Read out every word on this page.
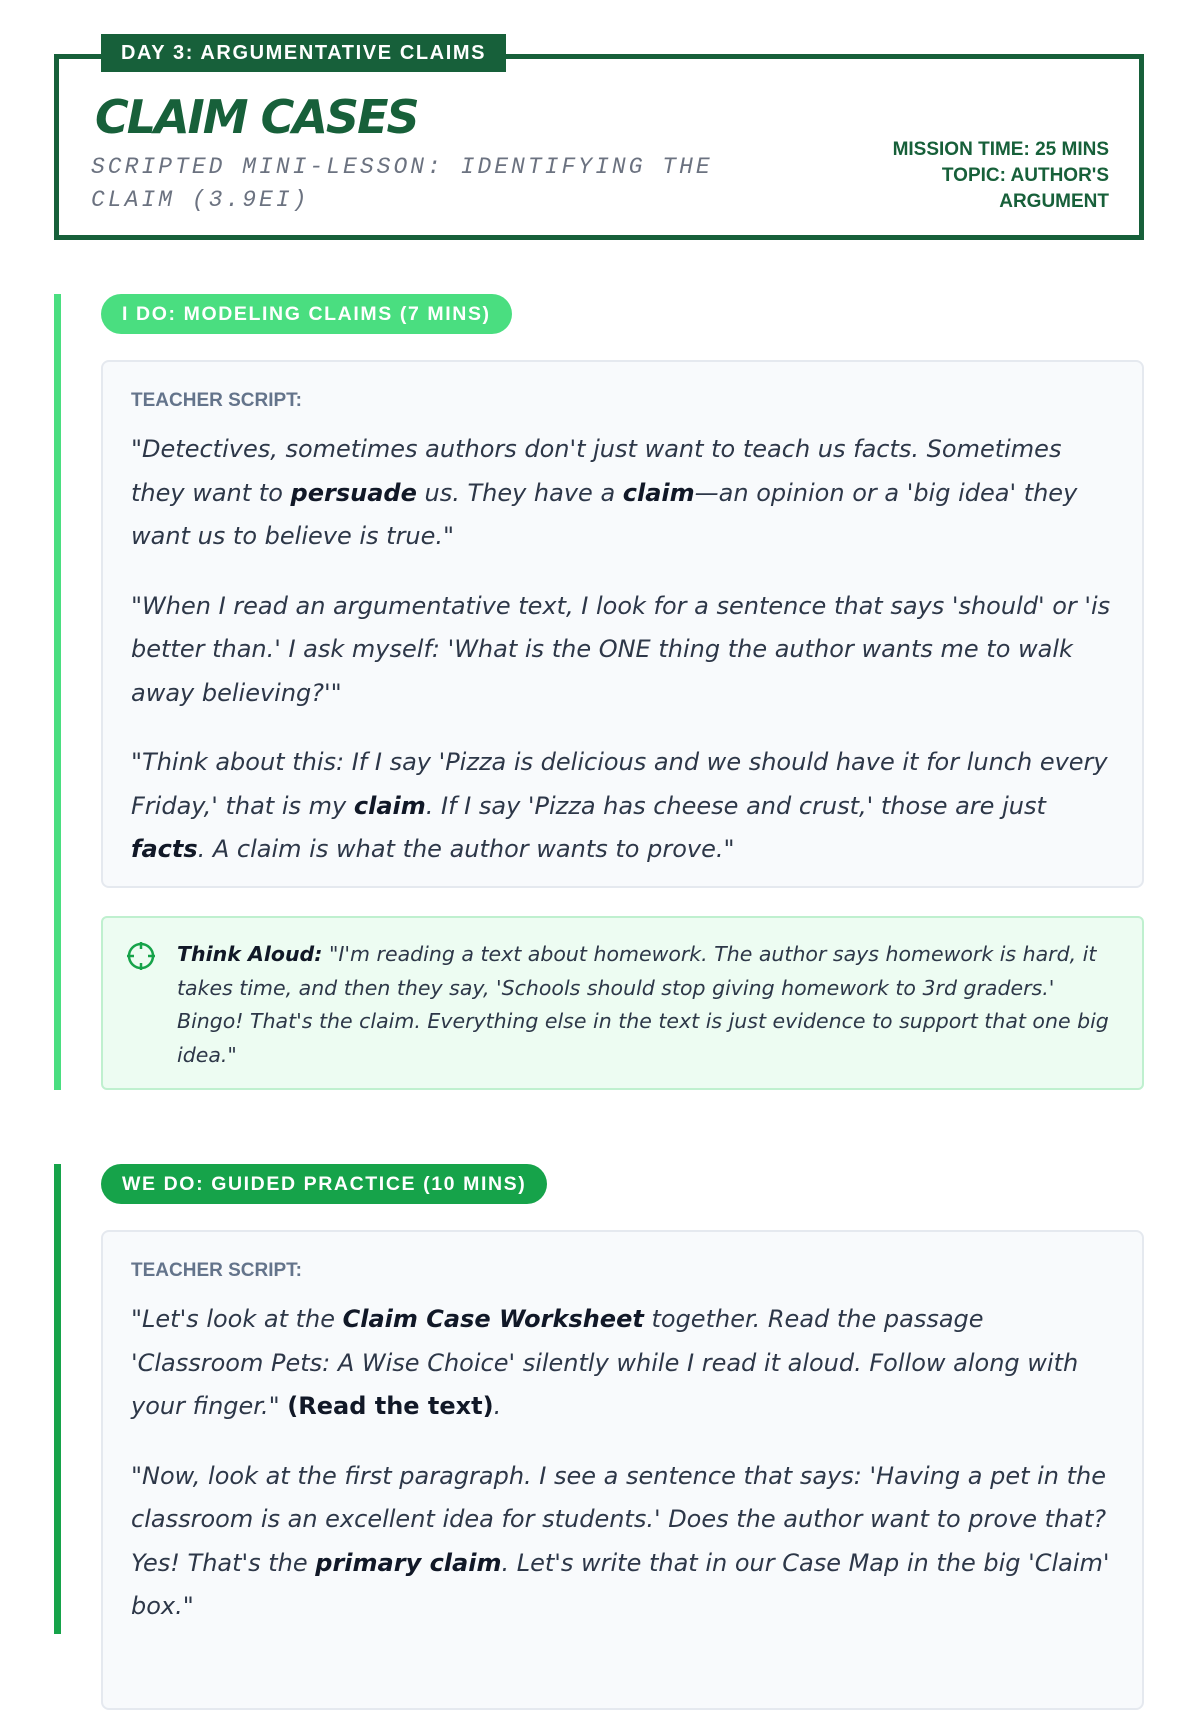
DAY 3: ARGUMENTATIVE CLAIMS
CLAIM CASES

SCRIPTED MINI-LESSON: IDENTIFYING THE CLAIM (3.9EI)

MISSION TIME: 25 MINS
TOPIC: AUTHOR'S ARGUMENT
I DO: MODELING CLAIMS (7 MINS)
TEACHER SCRIPT:

"Detectives, sometimes authors don't just want to teach us facts. Sometimes they want to persuade us. They have a claim—an opinion or a 'big idea' they want us to believe is true."

"When I read an argumentative text, I look for a sentence that says 'should' or 'is better than.' I ask myself: 'What is the ONE thing the author wants me to walk away believing?'"

"Think about this: If I say 'Pizza is delicious and we should have it for lunch every Friday,' that is my claim. If I say 'Pizza has cheese and crust,' those are just facts. A claim is what the author wants to prove."

Think Aloud: "I'm reading a text about homework. The author says homework is hard, it takes time, and then they say, 'Schools should stop giving homework to 3rd graders.' Bingo! That's the claim. Everything else in the text is just evidence to support that one big idea."

WE DO: GUIDED PRACTICE (10 MINS)
TEACHER SCRIPT:

"Let's look at the Claim Case Worksheet together. Read the passage 'Classroom Pets: A Wise Choice' silently while I read it aloud. Follow along with your finger." (Read the text).

"Now, look at the first paragraph. I see a sentence that says: 'Having a pet in the classroom is an excellent idea for students.' Does the author want to prove that? Yes! That's the primary claim. Let's write that in our Case Map in the big 'Claim' box."
